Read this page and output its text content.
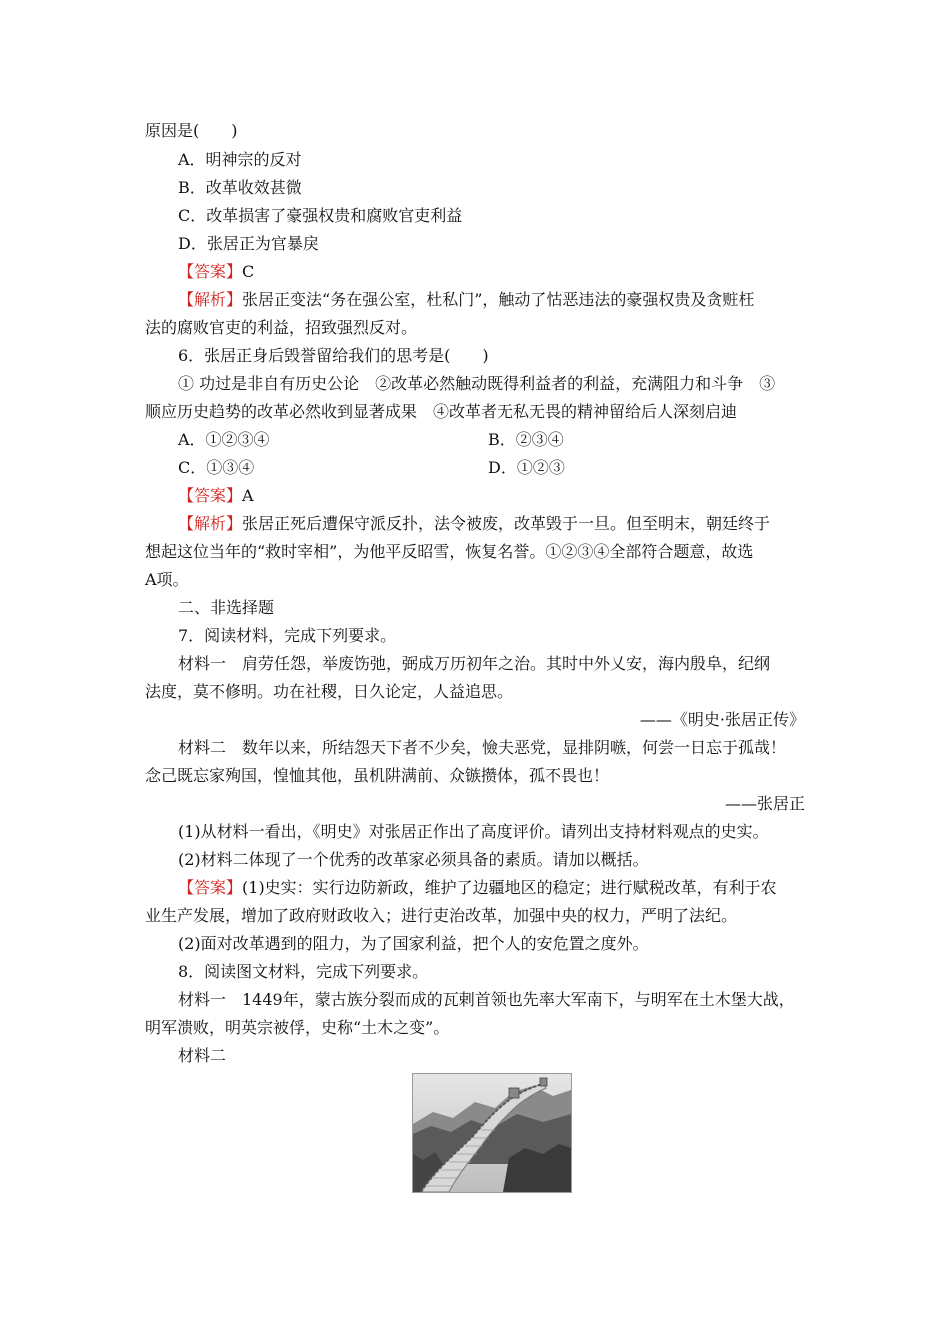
原因是(　　)
A．明神宗的反对
B．改革收效甚微
C．改革损害了豪强权贵和腐败官吏利益
D．张居正为官暴戾
【答案】C
【解析】张居正变法“务在强公室，杜私门”，触动了怙恶违法的豪强权贵及贪赃枉
法的腐败官吏的利益，招致强烈反对。
6．张居正身后毁誉留给我们的思考是(　　)
① 功过是非自有历史公论　②改革必然触动既得利益者的利益，充满阻力和斗争　③
顺应历史趋势的改革必然收到显著成果　④改革者无私无畏的精神留给后人深刻启迪
A．①②③④	B．②③④
C．①③④	D．①②③
【答案】A
【解析】张居正死后遭保守派反扑，法令被废，改革毁于一旦。但至明末，朝廷终于
想起这位当年的“救时宰相”，为他平反昭雪，恢复名誉。①②③④全部符合题意，故选
A项。
二、非选择题
7．阅读材料，完成下列要求。
材料一　肩劳任怨，举废饬弛，弼成万历初年之治。其时中外乂安，海内殷阜，纪纲
法度，莫不修明。功在社稷，日久论定，人益追思。
——《明史·张居正传》
材料二　数年以来，所结怨天下者不少矣，憸夫恶党，显排阴嗾，何尝一日忘于孤哉！
念己既忘家殉国，惶恤其他，虽机阱满前、众镞攒体，孤不畏也！
——张居正
(1)从材料一看出，《明史》对张居正作出了高度评价。请列出支持材料观点的史实。
(2)材料二体现了一个优秀的改革家必须具备的素质。请加以概括。
【答案】(1)史实：实行边防新政，维护了边疆地区的稳定；进行赋税改革，有利于农
业生产发展，增加了政府财政收入；进行吏治改革，加强中央的权力，严明了法纪。
(2)面对改革遇到的阻力，为了国家利益，把个人的安危置之度外。
8．阅读图文材料，完成下列要求。
材料一　1449年，蒙古族分裂而成的瓦剌首领也先率大军南下，与明军在土木堡大战，
明军溃败，明英宗被俘，史称“土木之变”。
材料二
